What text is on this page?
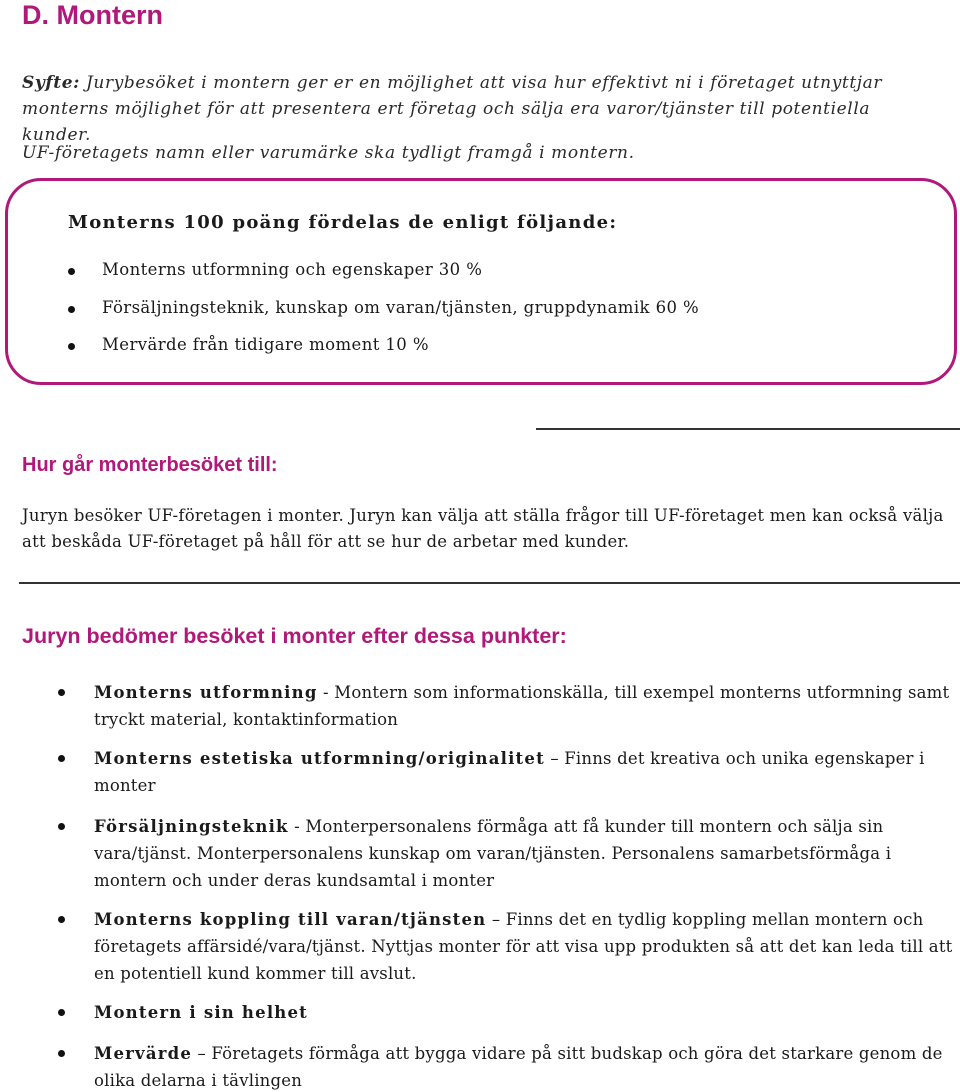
D. Montern

Syfte: Jurybesöket i montern ger er en möjlighet att visa hur effektivt ni i företaget utnyttjar monterns möjlighet för att presentera ert företag och sälja era varor/tjänster till potentiella kunder.

UF-företagets namn eller varumärke ska tydligt framgå i montern.

Monterns 100 poäng fördelas de enligt följande:
Monterns utformning och egenskaper 30 %
Försäljningsteknik, kunskap om varan/tjänsten, gruppdynamik 60 %
Mervärde från tidigare moment 10 %
Hur går monterbesöket till:

Juryn besöker UF-företagen i monter. Juryn kan välja att ställa frågor till UF-företaget men kan också välja att beskåda UF-företaget på håll för att se hur de arbetar med kunder.

Juryn bedömer besöket i monter efter dessa punkter:
Monterns utformning - Montern som informationskälla, till exempel monterns utformning samt tryckt material, kontaktinformation
Monterns estetiska utformning/originalitet – Finns det kreativa och unika egenskaper i monter
Försäljningsteknik - Monterpersonalens förmåga att få kunder till montern och sälja sin vara/tjänst. Monterpersonalens kunskap om varan/tjänsten. Personalens samarbetsförmåga i montern och under deras kundsamtal i monter
Monterns koppling till varan/tjänsten – Finns det en tydlig koppling mellan montern och företagets affärsidé/vara/tjänst. Nyttjas monter för att visa upp produkten så att det kan leda till att en potentiell kund kommer till avslut.
Montern i sin helhet
Mervärde – Företagets förmåga att bygga vidare på sitt budskap och göra det starkare genom de olika delarna i tävlingen
